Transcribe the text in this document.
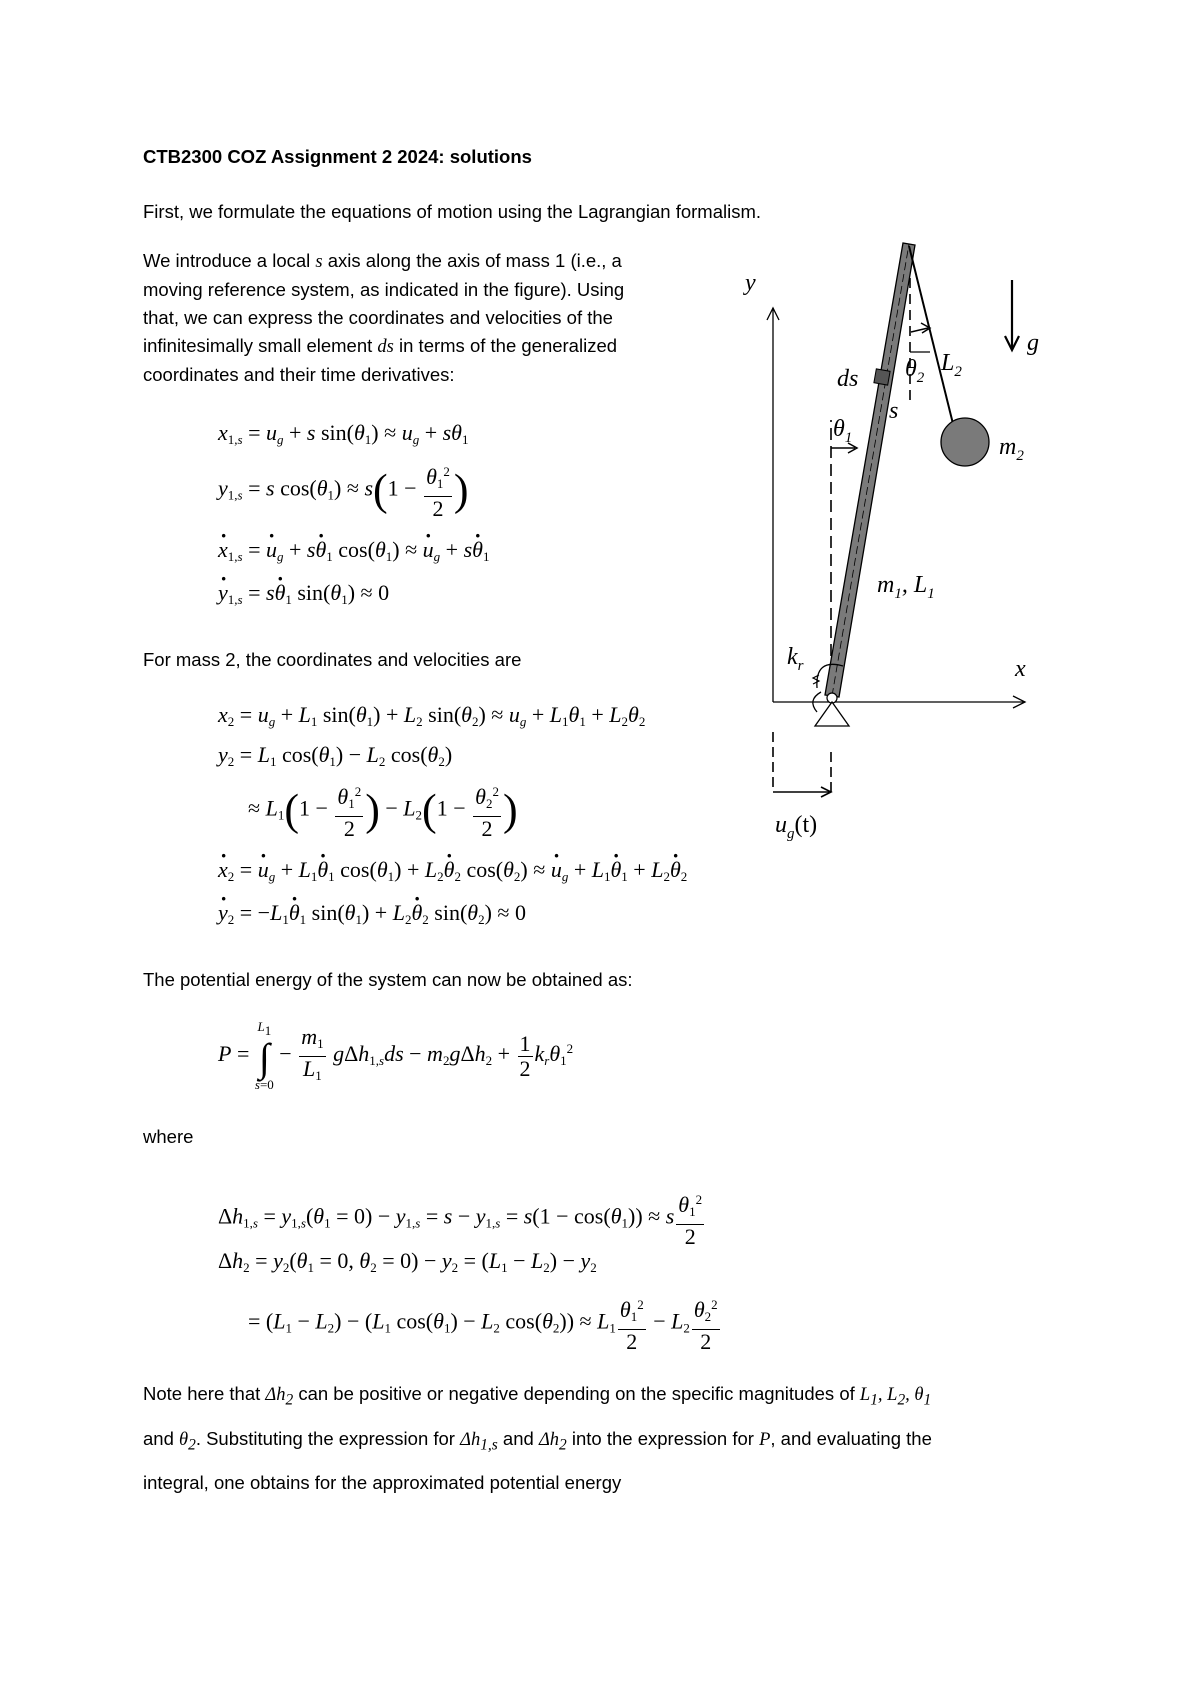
CTB2300 COZ Assignment 2 2024: solutions
First, we formulate the equations of motion using the Lagrangian formalism.
We introduce a local s axis along the axis of mass 1 (i.e., a
moving reference system, as indicated in the figure). Using
that, we can express the coordinates and velocities of the
infinitesimally small element ds in terms of the generalized
coordinates and their time derivatives:
$x_{1,s} = u_g + s$ $\sin(\theta_1) \approx u_g + s\theta_1$
$y_{1,s} = s$ $\cos(\theta_1) \approx s(1 - \frac{\theta_1^2}{2}$ )
· $x_{1,s}$ = · $u_g + s\cdot \theta_1$ $\cos(\theta_1)$ ≈ · $u_g + s\cdot \theta_1$
· $y_{1,s} = s\cdot \theta_1$ $\sin(\theta_1) \approx 0$
For mass 2, the coordinates and velocities are
$x_2 = u_g + L_1$ $\sin(\theta_1) + L_2$ $\sin(\theta_2) \approx u_g + L_1\theta_1 + L_2\theta_2$
$y_2 = L_1$ $\cos(\theta_1) - L_2$ $\cos(\theta_2)$
≈ $L_1(1 - \frac{\theta_1^2}{2}$ ) − $L_2(1 - \frac{\theta_2^2}{2}$ )
· $x_2$ = · $u_g + L_1\cdot \theta_1$ $\cos(\theta_1) + L_2\cdot \theta_2$ $\cos(\theta_2)$ ≈ · $u_g + L_1\cdot \theta_1 + L_2\cdot \theta_2$
· $y_2 = -L_1\cdot \theta_1$ $\sin(\theta_1) + L_2\cdot \theta_2$ $\sin(\theta_2) \approx 0$
The potential energy of the system can now be obtained as:
$P = L_1$
∫
$s=0 - \frac{m_1}{L_1} g\Delta h_{1,s}ds - m_2g\Delta h_2 + \frac{1}{2} k_r\theta_1^2$
where
$\Delta h_{1,s} = y_{1,s}(\theta_1 = 0) - y_{1,s} = s - y_{1,s} = s(1 - \cos(\theta_1)) \approx s \frac{\theta_1^2}{2}$
$\Delta h_2 = y_2(\theta_1 = 0$, $\theta_2 = 0) - y_2 = (L_1 - L_2) - y_2$
= $(L_1 - L_2) - (L_1$ $\cos(\theta_1) - L_2$ $\cos(\theta_2)) \approx L_1 \frac{\theta_1^2}{2} - L_2 \frac{\theta_2^2}{2}$
Note here that $\Delta h_2$ can be positive or negative depending on the specific magnitudes of $L_1$, $L_2$, $\theta_1$
and $\theta_2$. Substituting the expression for $\Delta h_{1,s}$ and $\Delta h_2$ into the expression for P, and evaluating the
integral, one obtains for the approximated potential energy
y
x
g
$L_2$
$\theta_2$
$m_2$
ds
s
$\theta_1$
$m_1$, $L_1$
$k_r$
$u_g(t)$
